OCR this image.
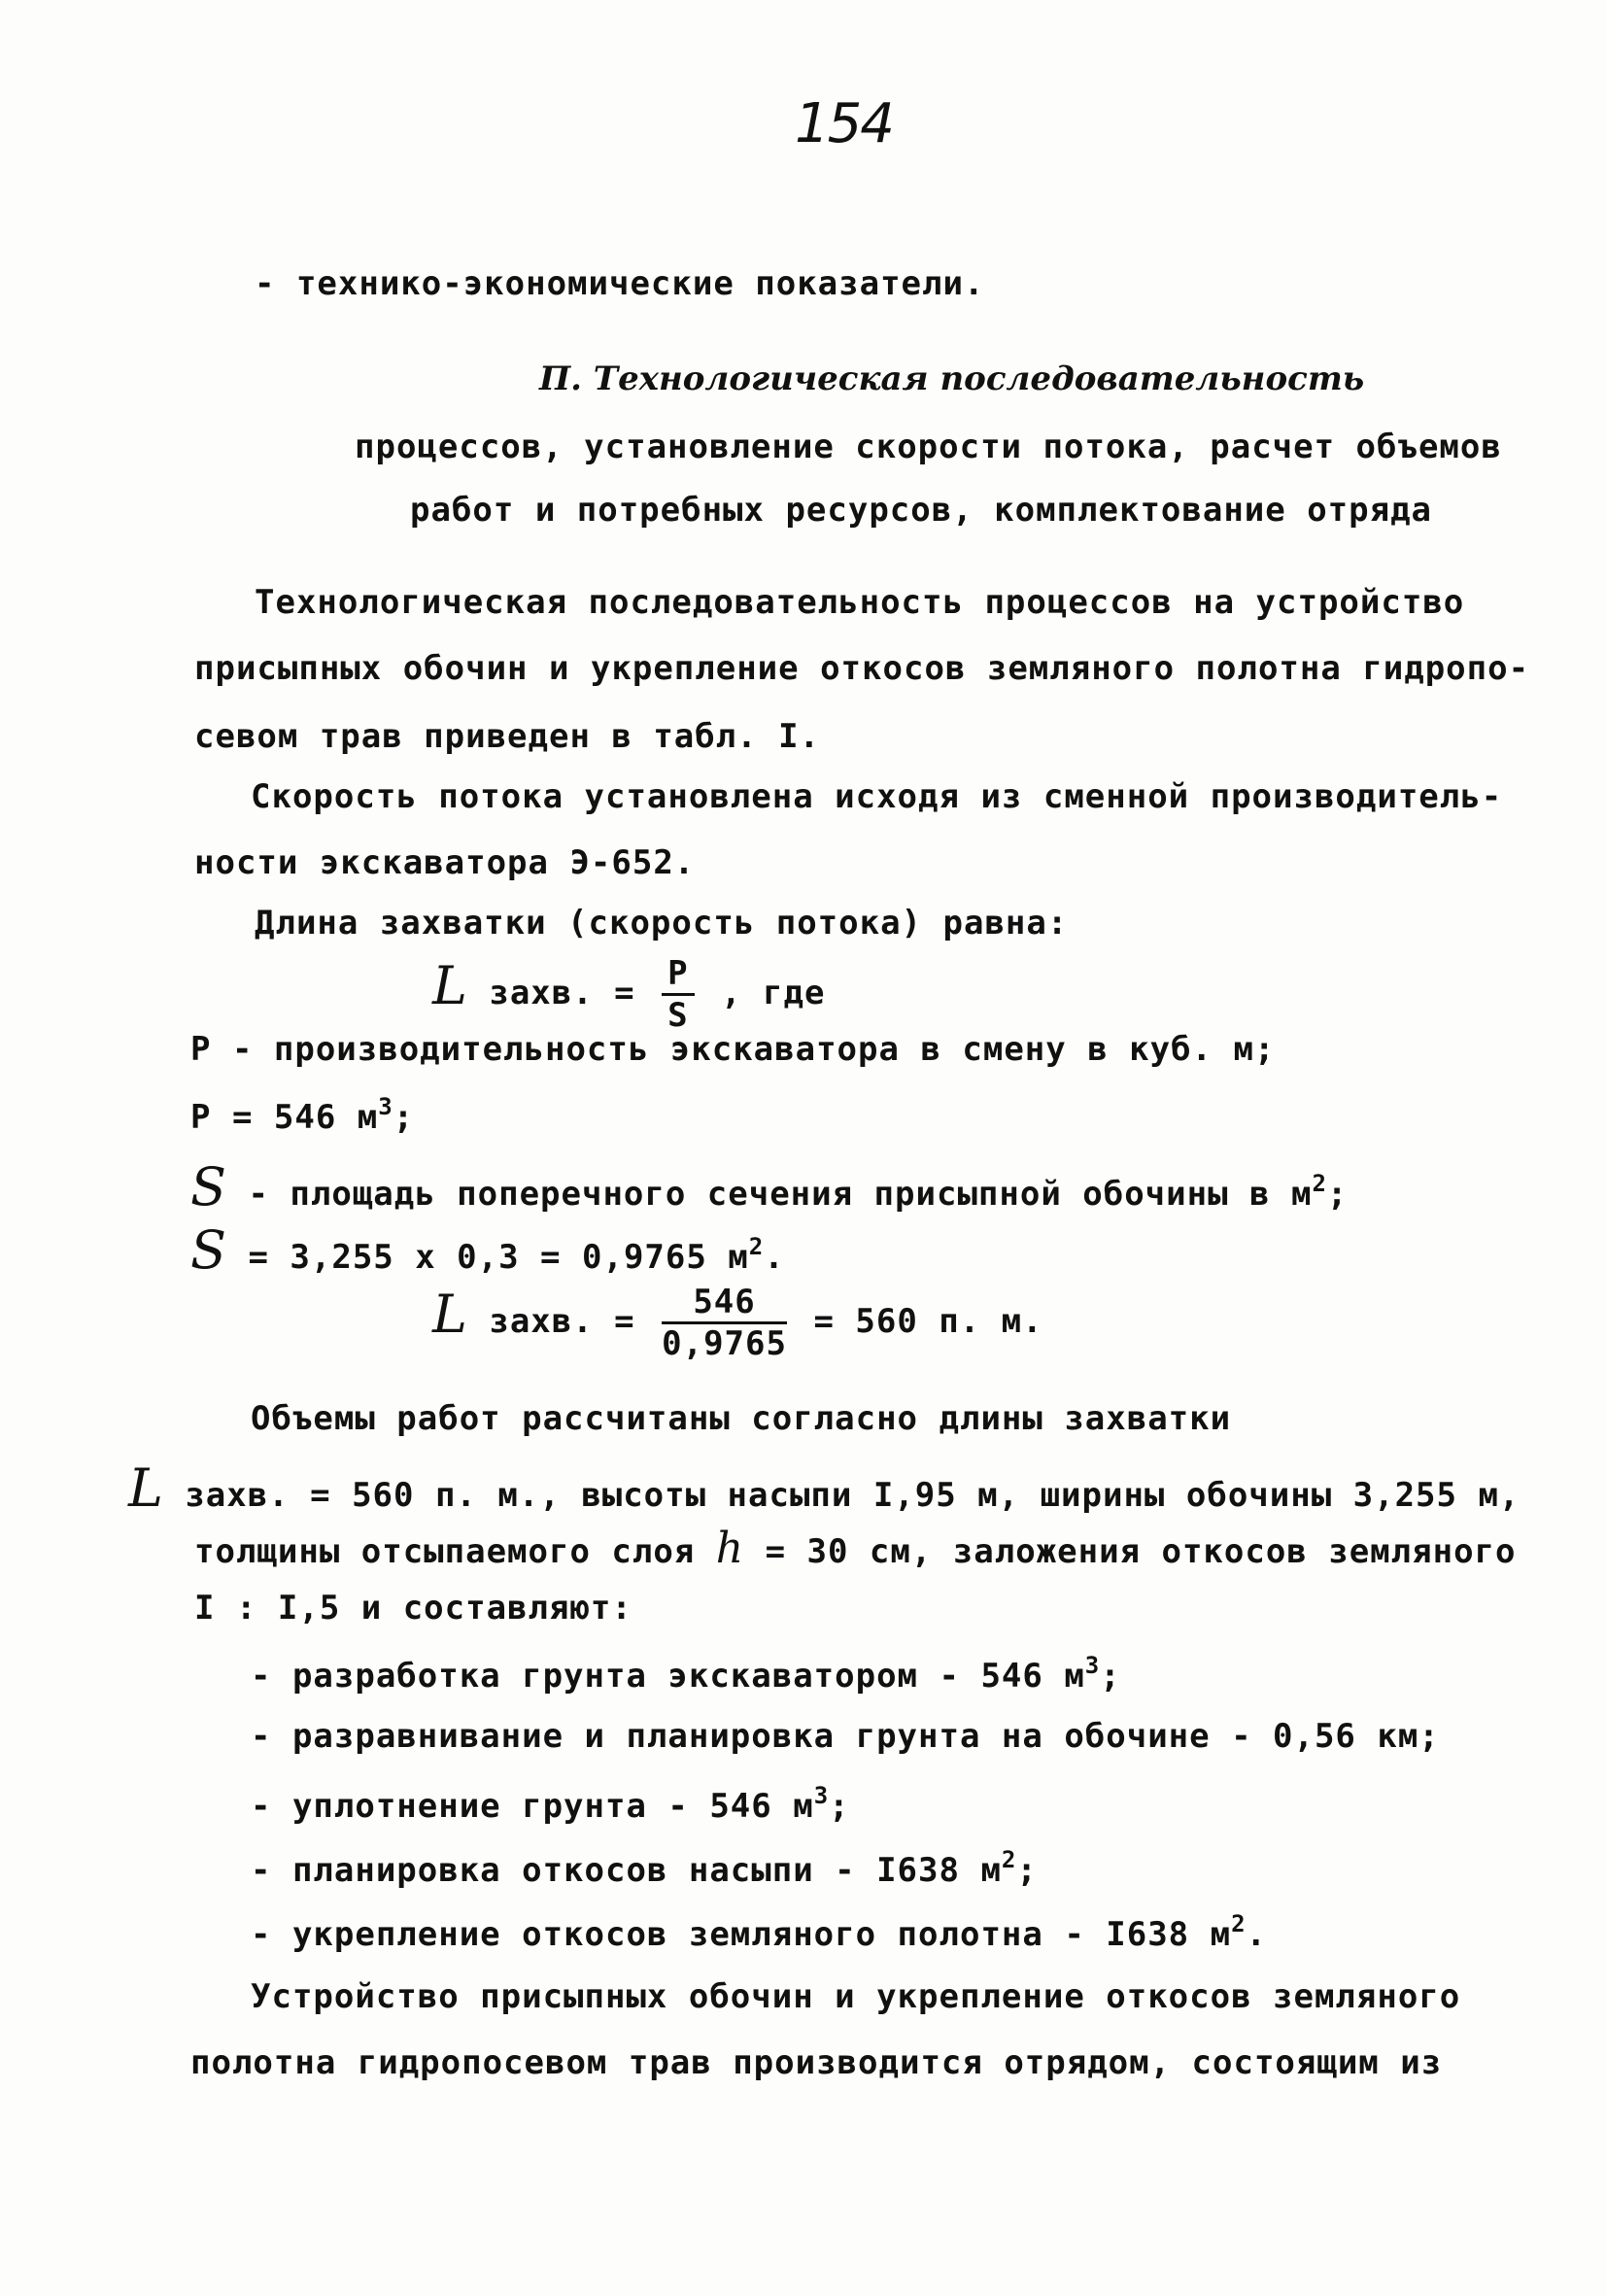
154
- технико-экономические показатели.
П. Технологическая последовательность
процессов, установление скорости потока, расчет объемов
работ и потребных ресурсов, комплектование отряда
Технологическая последовательность процессов на устройство
присыпных обочин и укрепление откосов земляного полотна гидропо-
севом трав приведен в табл. I.
Скорость потока установлена исходя из сменной производитель-
ности экскаватора Э-652.
Длина захватки (скорость потока) равна:
L захв. = $\frac{P}{S}$ , где
Р - производительность экскаватора в смену в куб. м;
Р = 546 $м^3$;
S - площадь поперечного сечения присыпной обочины в $м^2$;
S = 3,255 х 0,3 = 0,9765 $м^2$.
L захв. = $\frac{546}{0,9765} = 560$ п. м.
Объемы работ рассчитаны согласно длины захватки
L захв. = 560 п. м., высоты насыпи I,95 м, ширины обочины 3,255 м,
толщины отсыпаемого слоя h = 30 см, заложения откосов земляного
I : I,5 и составляют:
- разработка грунта экскаватором - 546 $м^3$;
- разравнивание и планировка грунта на обочине - 0,56 км;
- уплотнение грунта - 546 $м^3$;
- планировка откосов насыпи - I638 $м^2$;
- укрепление откосов земляного полотна - I638 $м^2$.
Устройство присыпных обочин и укрепление откосов земляного
полотна гидропосевом трав производится отрядом, состоящим из
